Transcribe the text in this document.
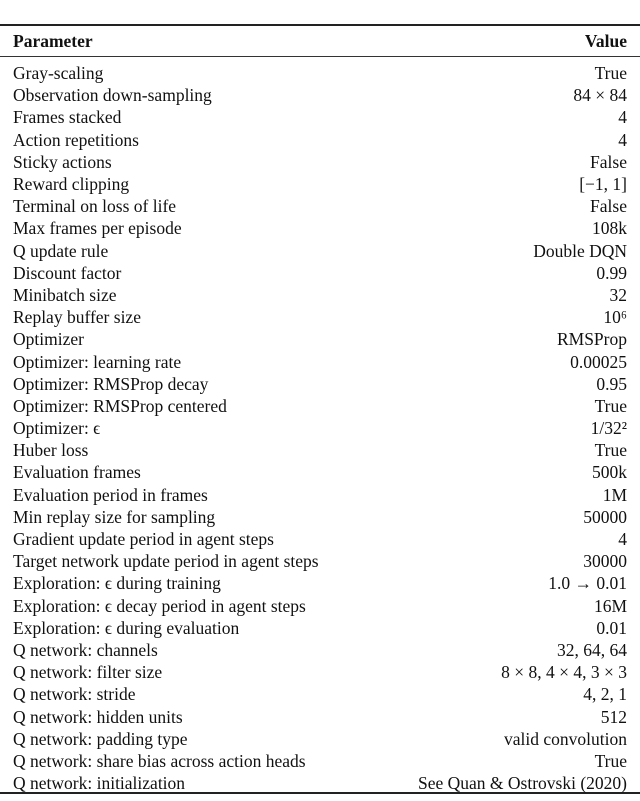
Parameter	Value

Gray-scaling	True
Observation down-sampling	84 × 84
Frames stacked	4
Action repetitions	4
Sticky actions	False
Reward clipping	[−1, 1]
Terminal on loss of life	False
Max frames per episode	108k
Q update rule	Double DQN
Discount factor	0.99
Minibatch size	32
Replay buffer size	10⁶
Optimizer	RMSProp
Optimizer: learning rate	0.00025
Optimizer: RMSProp decay	0.95
Optimizer: RMSProp centered	True
Optimizer: ϵ	1/32²
Huber loss	True
Evaluation frames	500k
Evaluation period in frames	1M
Min replay size for sampling	50000
Gradient update period in agent steps	4
Target network update period in agent steps	30000
Exploration: ϵ during training	1.0 → 0.01
Exploration: ϵ decay period in agent steps	16M
Exploration: ϵ during evaluation	0.01
Q network: channels	32, 64, 64
Q network: filter size	8 × 8, 4 × 4, 3 × 3
Q network: stride	4, 2, 1
Q network: hidden units	512
Q network: padding type	valid convolution
Q network: share bias across action heads	True
Q network: initialization	See Quan & Ostrovski (2020)
